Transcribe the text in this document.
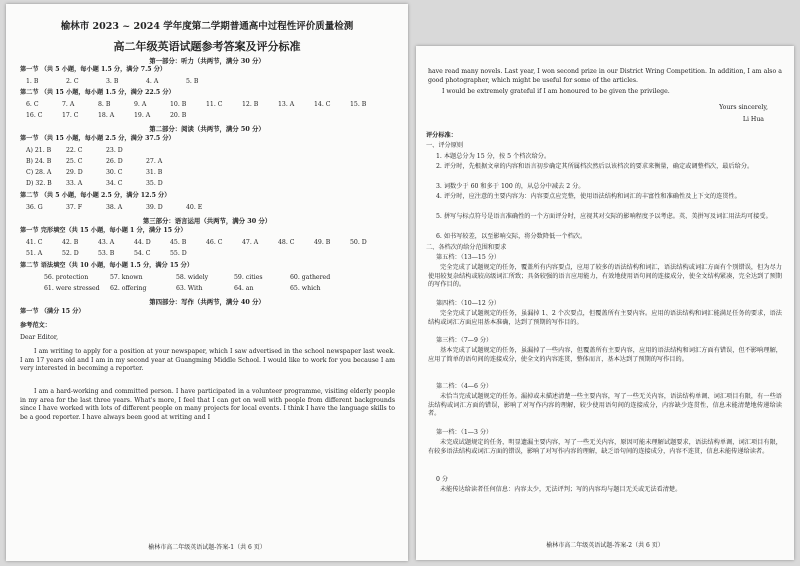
榆林市 2023 ~ 2024 学年度第二学期普通高中过程性评价质量检测
高二年级英语试题参考答案及评分标准
第一部分：听力（共两节，满分 30 分）
第一节 （共 5 小题，每小题 1.5 分，满分 7.5 分）
1. B	2. C	3. B	4. A	5. B
第二节 （共 15 小题，每小题 1.5 分，满分 22.5 分）
6. C	7. A	8. B	9. A	10. B	11. C	12. B	13. A	14. C	15. B
16. C	17. C	18. A	19. A	20. B
第二部分：阅读（共两节，满分 50 分）
第一节 （共 15 小题，每小题 2.5 分，满分 37.5 分）
A) 21. B 22. C	23. D
B) 24. B 25. C	26. D	27. A
C) 28. A 29. D	30. C	31. B
D) 32. B 33. A	34. C	35. D
第二节 （共 5 小题，每小题 2.5 分，满分 12.5 分）
36. G	37. F	38. A	39. D	40. E
第三部分：语言运用（共两节，满分 30 分）
第一节 完形填空（共 15 小题，每小题 1 分，满分 15 分）
41. C	42. B	43. A	44. D	45. B	46. C	47. A	48. C	49. B	50. D
51. A	52. D	53. B	54. C	55. D
第二节 语法填空（共 10 小题，每小题 1.5 分，满分 15 分）
56. protection	57. known	58. widely	59. cities	60. gathered
61. were stressed 62. offering	63. With	64. an	65. which
第四部分：写作（共两节，满分 40 分）
第一节 （满分 15 分）
参考范文：
Dear Editor,
I am writing to apply for a position at your newspaper, which I saw advertised in the school newspaper last week. I am 17 years old and I am in my second year at Guangming Middle School. I would like to work for you because I am very interested in becoming a reporter.
I am a hard-working and committed person. I have participated in a volunteer programme, visiting elderly people in my area for the last three years. What's more, I feel that I can get on well with people from different backgrounds since I have worked with lots of different people on many projects for local events. I think I have the language skills to be a good reporter. I have always been good at writing and I
榆林市高二年级英语试题-答案-1（共 6 页）
have read many novels. Last year, I won second prize in our District Wring Competition. In addition, I am also a good photographer, which might be useful for some of the articles.
I would be extremely grateful if I am honoured to be given the privilege.
Yours sincerely,
Li Hua
评分标准：
一、评分原则
1. 本题总分为 15 分，按 5 个档次给分。
2. 评分时，先根据文章的内容和语言初步确定其所属档次然后以该档次的要求来衡量，确定或调整档次，最后给分。
3. 词数少于 60 和多于 100 的，从总分中减去 2 分。
4. 评分时，应注意的主要内容为：内容要点应完整，使用语法结构和词汇的丰富性和准确性及上下文的连贯性。
5. 拼写与标点符号是语言准确性的一个方面评分时，应视其对交际的影响程度予以考虑。英、美拼写及词汇用法均可接受。
6. 如书写较差，以至影响交际，将分数降低一个档次。
二、各档次的给分范围和要求
第五档：（13—15 分）
完全完成了试题规定的任务，覆盖所有内容要点，应用了较多的语法结构和词汇，语法结构或词汇方面有个别错误，但为尽力使用较复杂结构或较高级词汇所致；具备较强的语言应用能力，有效地使用语句间的连接成分，使全文结构紧凑，完全达到了预期的写作目的。
第四档：（10—12 分）
完全完成了试题规定的任务，虽漏掉 1、2 个次要点，但覆盖所有主要内容。应用的语法结构和词汇能满足任务的要求，语法结构或词汇方面应用基本准确，达到了预期的写作目的。
第三档：（7—9 分）
基本完成了试题规定的任务，虽漏掉了一些内容，但覆盖所有主要内容，应用的语法结构和词汇方面有错误，但不影响理解，应用了简单的语句间的连接成分，使全文的内容连贯，整体而言，基本达到了预期的写作目的。
第二档：（4—6 分）
未恰当完成试题规定的任务。漏掉或未描述清楚一些主要内容，写了一些无关内容，语法结构单调、词汇项目有限，有一些语法结构或词汇方面的错误，影响了对写作内容的理解，较少使用语句间的连接成分，内容缺少连贯性，信息未能清楚地传递给读者。
第一档：（1—3 分）
未完成试题规定的任务，明显遗漏主要内容，写了一些无关内容，原因可能未理解试题要求，语法结构单调，词汇项目有限，有较多语法结构或词汇方面的错误，影响了对写作内容的理解，缺乏语句间的连接成分，内容不连贯，信息未能传递给读者。
0 分
未能传达给读者任何信息：内容太少，无法评判；写的内容均与题目无关或无法看清楚。
榆林市高二年级英语试题-答案-2（共 6 页）
